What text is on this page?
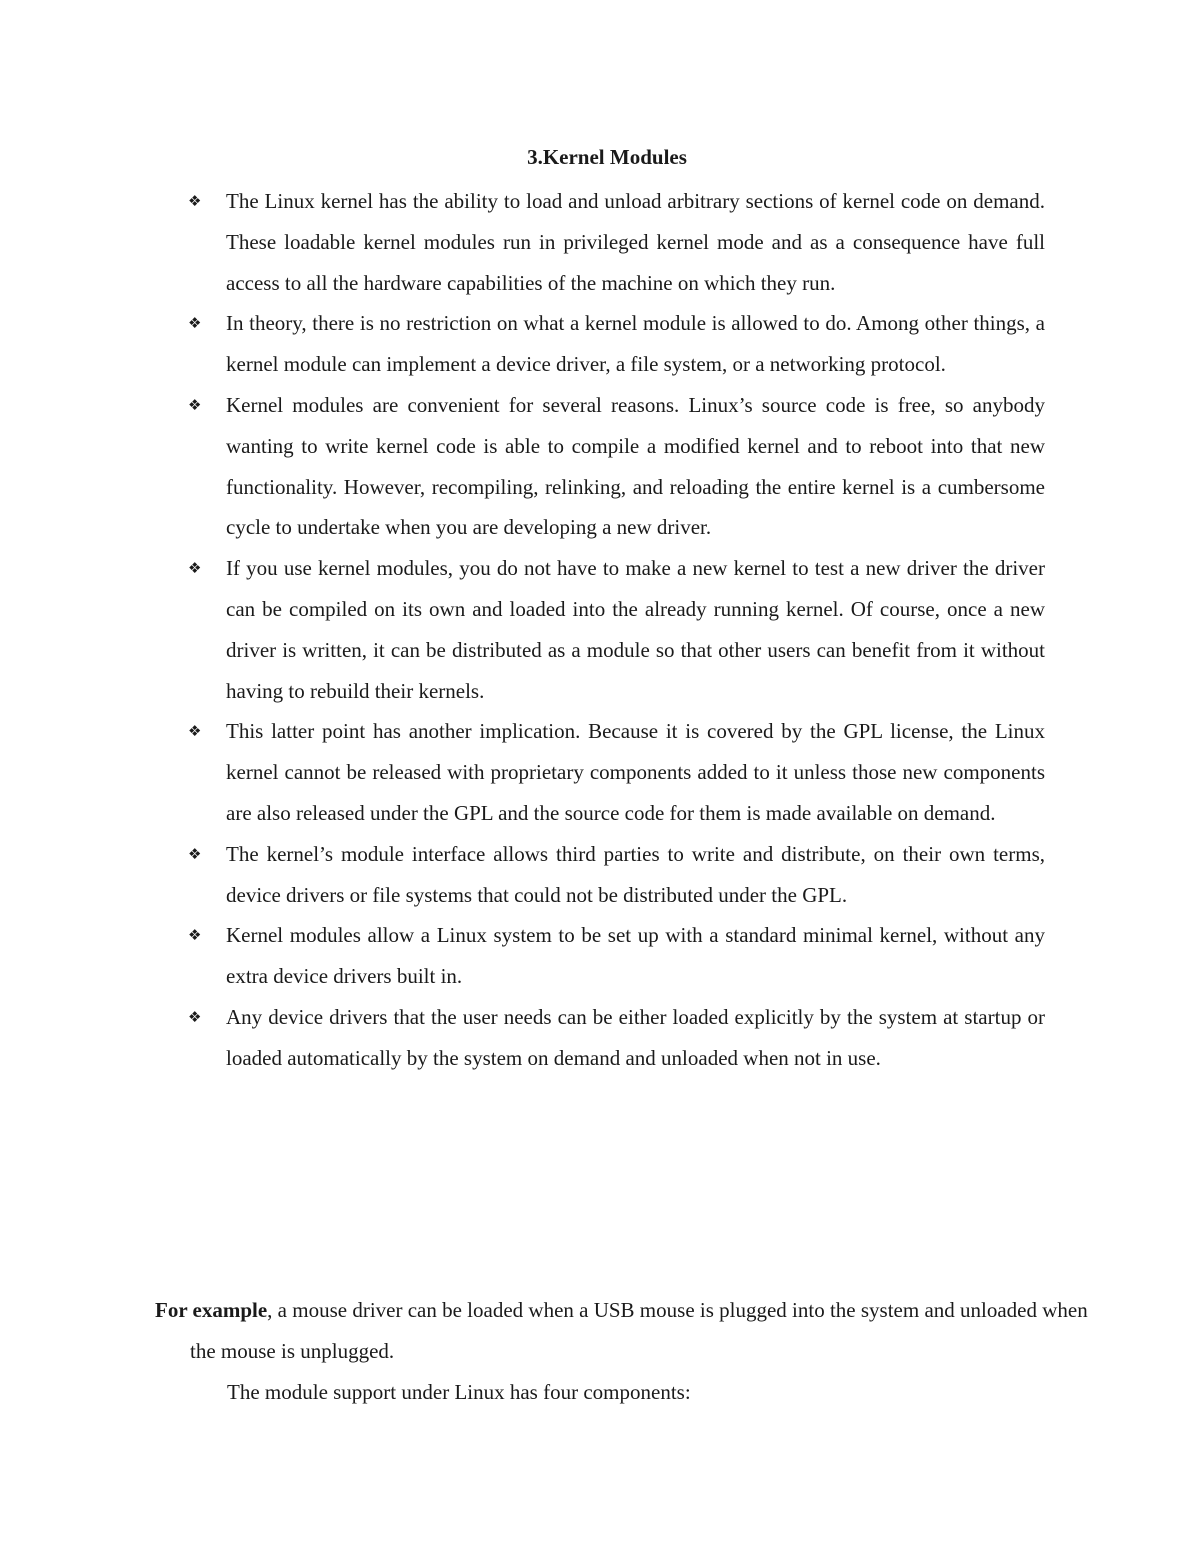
3.Kernel Modules
❖	The Linux kernel has the ability to load and unload arbitrary sections of kernel code on demand. These loadable kernel modules run in privileged kernel mode and as a consequence have full access to all the hardware capabilities of the machine on which they run.
❖	In theory, there is no restriction on what a kernel module is allowed to do. Among other things, a kernel module can implement a device driver, a file system, or a networking protocol.
❖	Kernel modules are convenient for several reasons. Linux’s source code is free, so anybody wanting to write kernel code is able to compile a modified kernel and to reboot into that new functionality. However, recompiling, relinking, and reloading the entire kernel is a cumbersome cycle to undertake when you are developing a new driver.
❖	If you use kernel modules, you do not have to make a new kernel to test a new driver the driver can be compiled on its own and loaded into the already running kernel. Of course, once a new driver is written, it can be distributed as a module so that other users can benefit from it without having to rebuild their kernels.
❖	This latter point has another implication. Because it is covered by the GPL license, the Linux kernel cannot be released with proprietary components added to it unless those new components are also released under the GPL and the source code for them is made available on demand.
❖	The kernel’s module interface allows third parties to write and distribute, on their own terms, device drivers or file systems that could not be distributed under the GPL.
❖	Kernel modules allow a Linux system to be set up with a standard minimal kernel, without any extra device drivers built in.
❖	Any device drivers that the user needs can be either loaded explicitly by the system at startup or loaded automatically by the system on demand and unloaded when not in use.
For example, a mouse driver can be loaded when a USB mouse is plugged into the system and unloaded when the mouse is unplugged.
The module support under Linux has four components:
